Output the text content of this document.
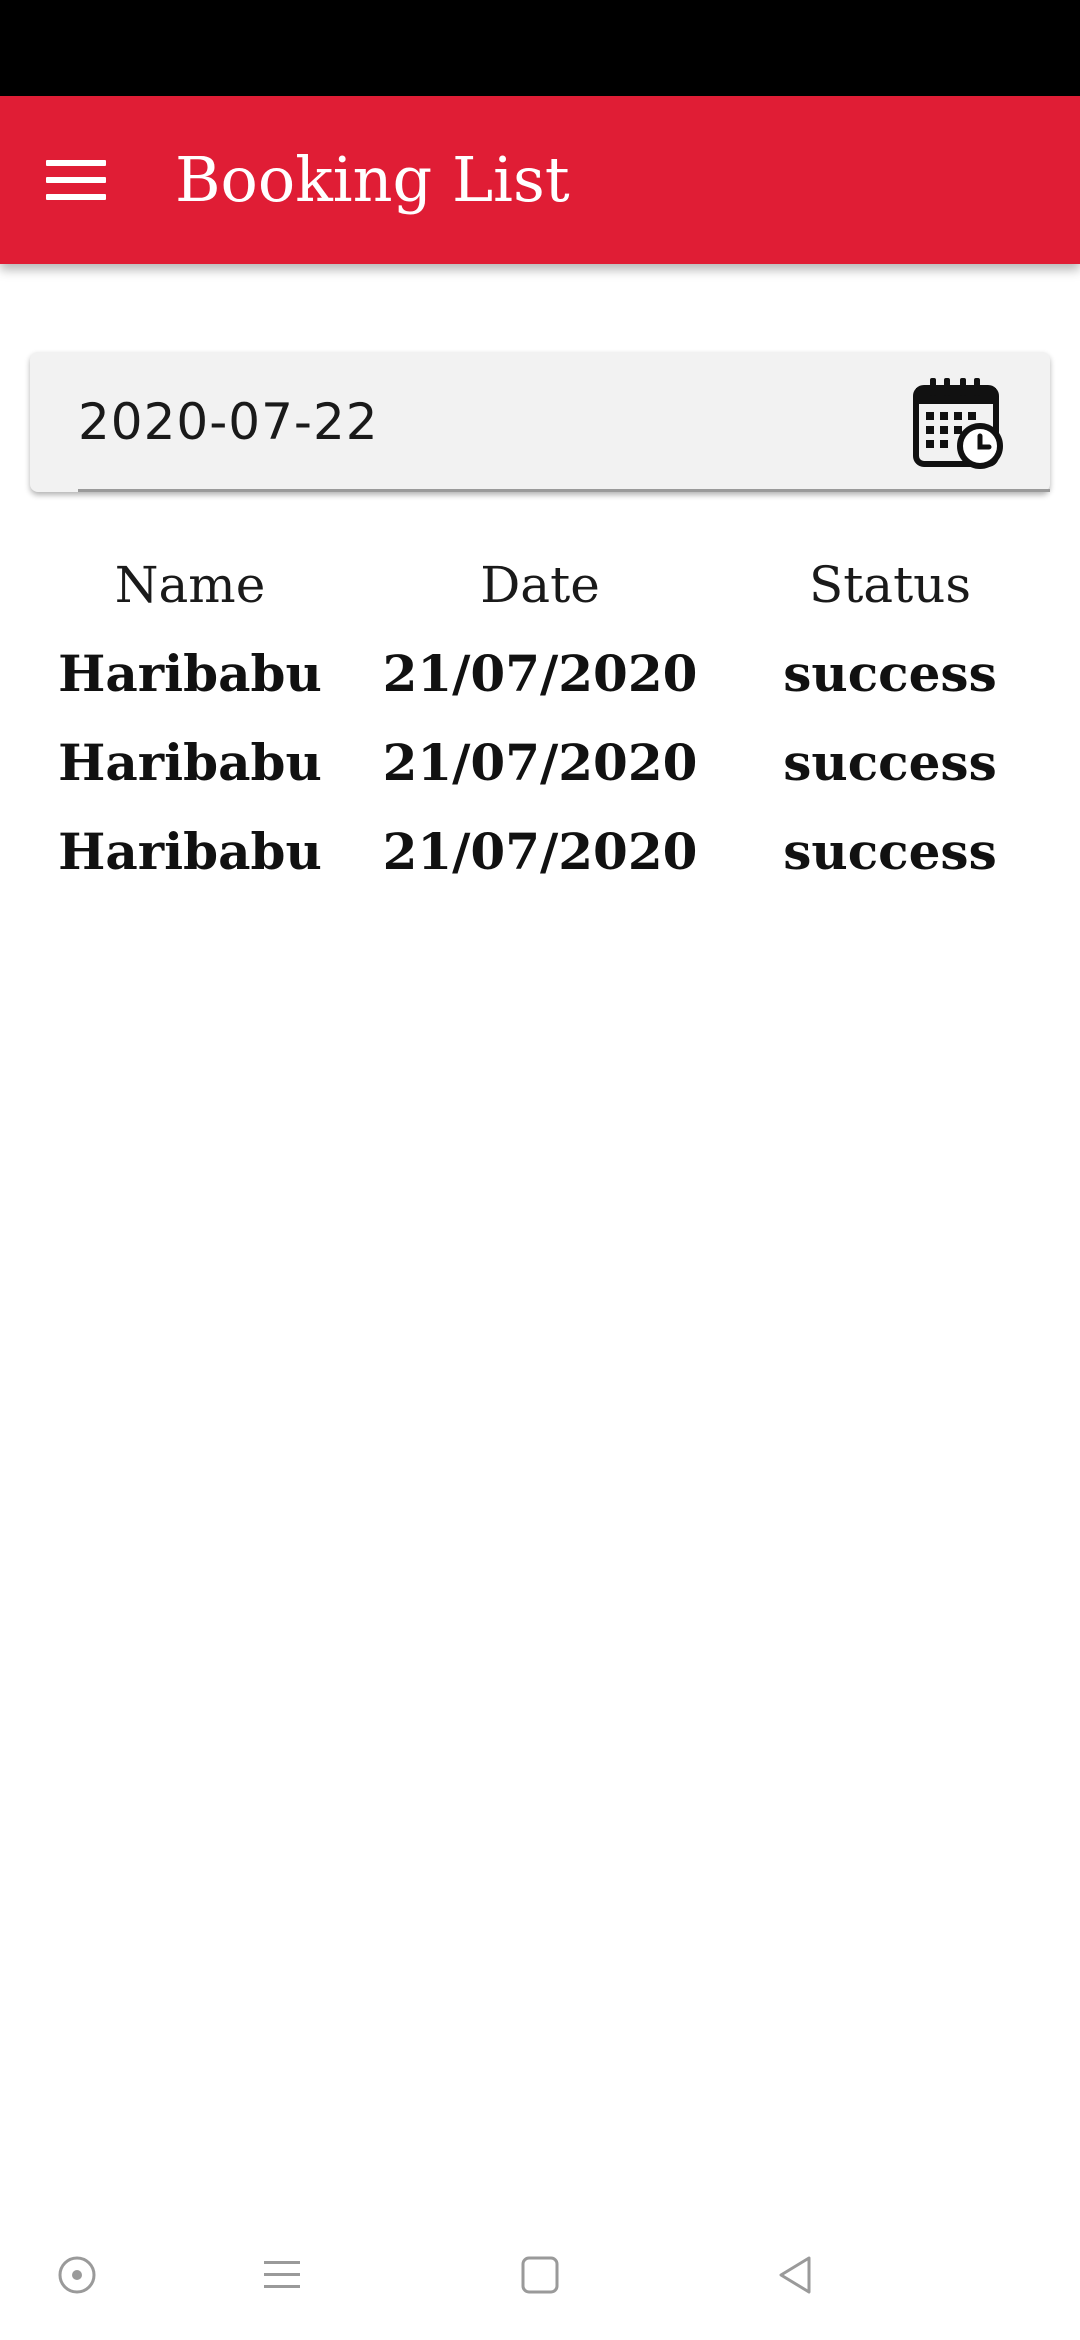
Booking List
2020-07-22
Name	Date	Status
Haribabu	21/07/2020	success
Haribabu	21/07/2020	success
Haribabu	21/07/2020	success
